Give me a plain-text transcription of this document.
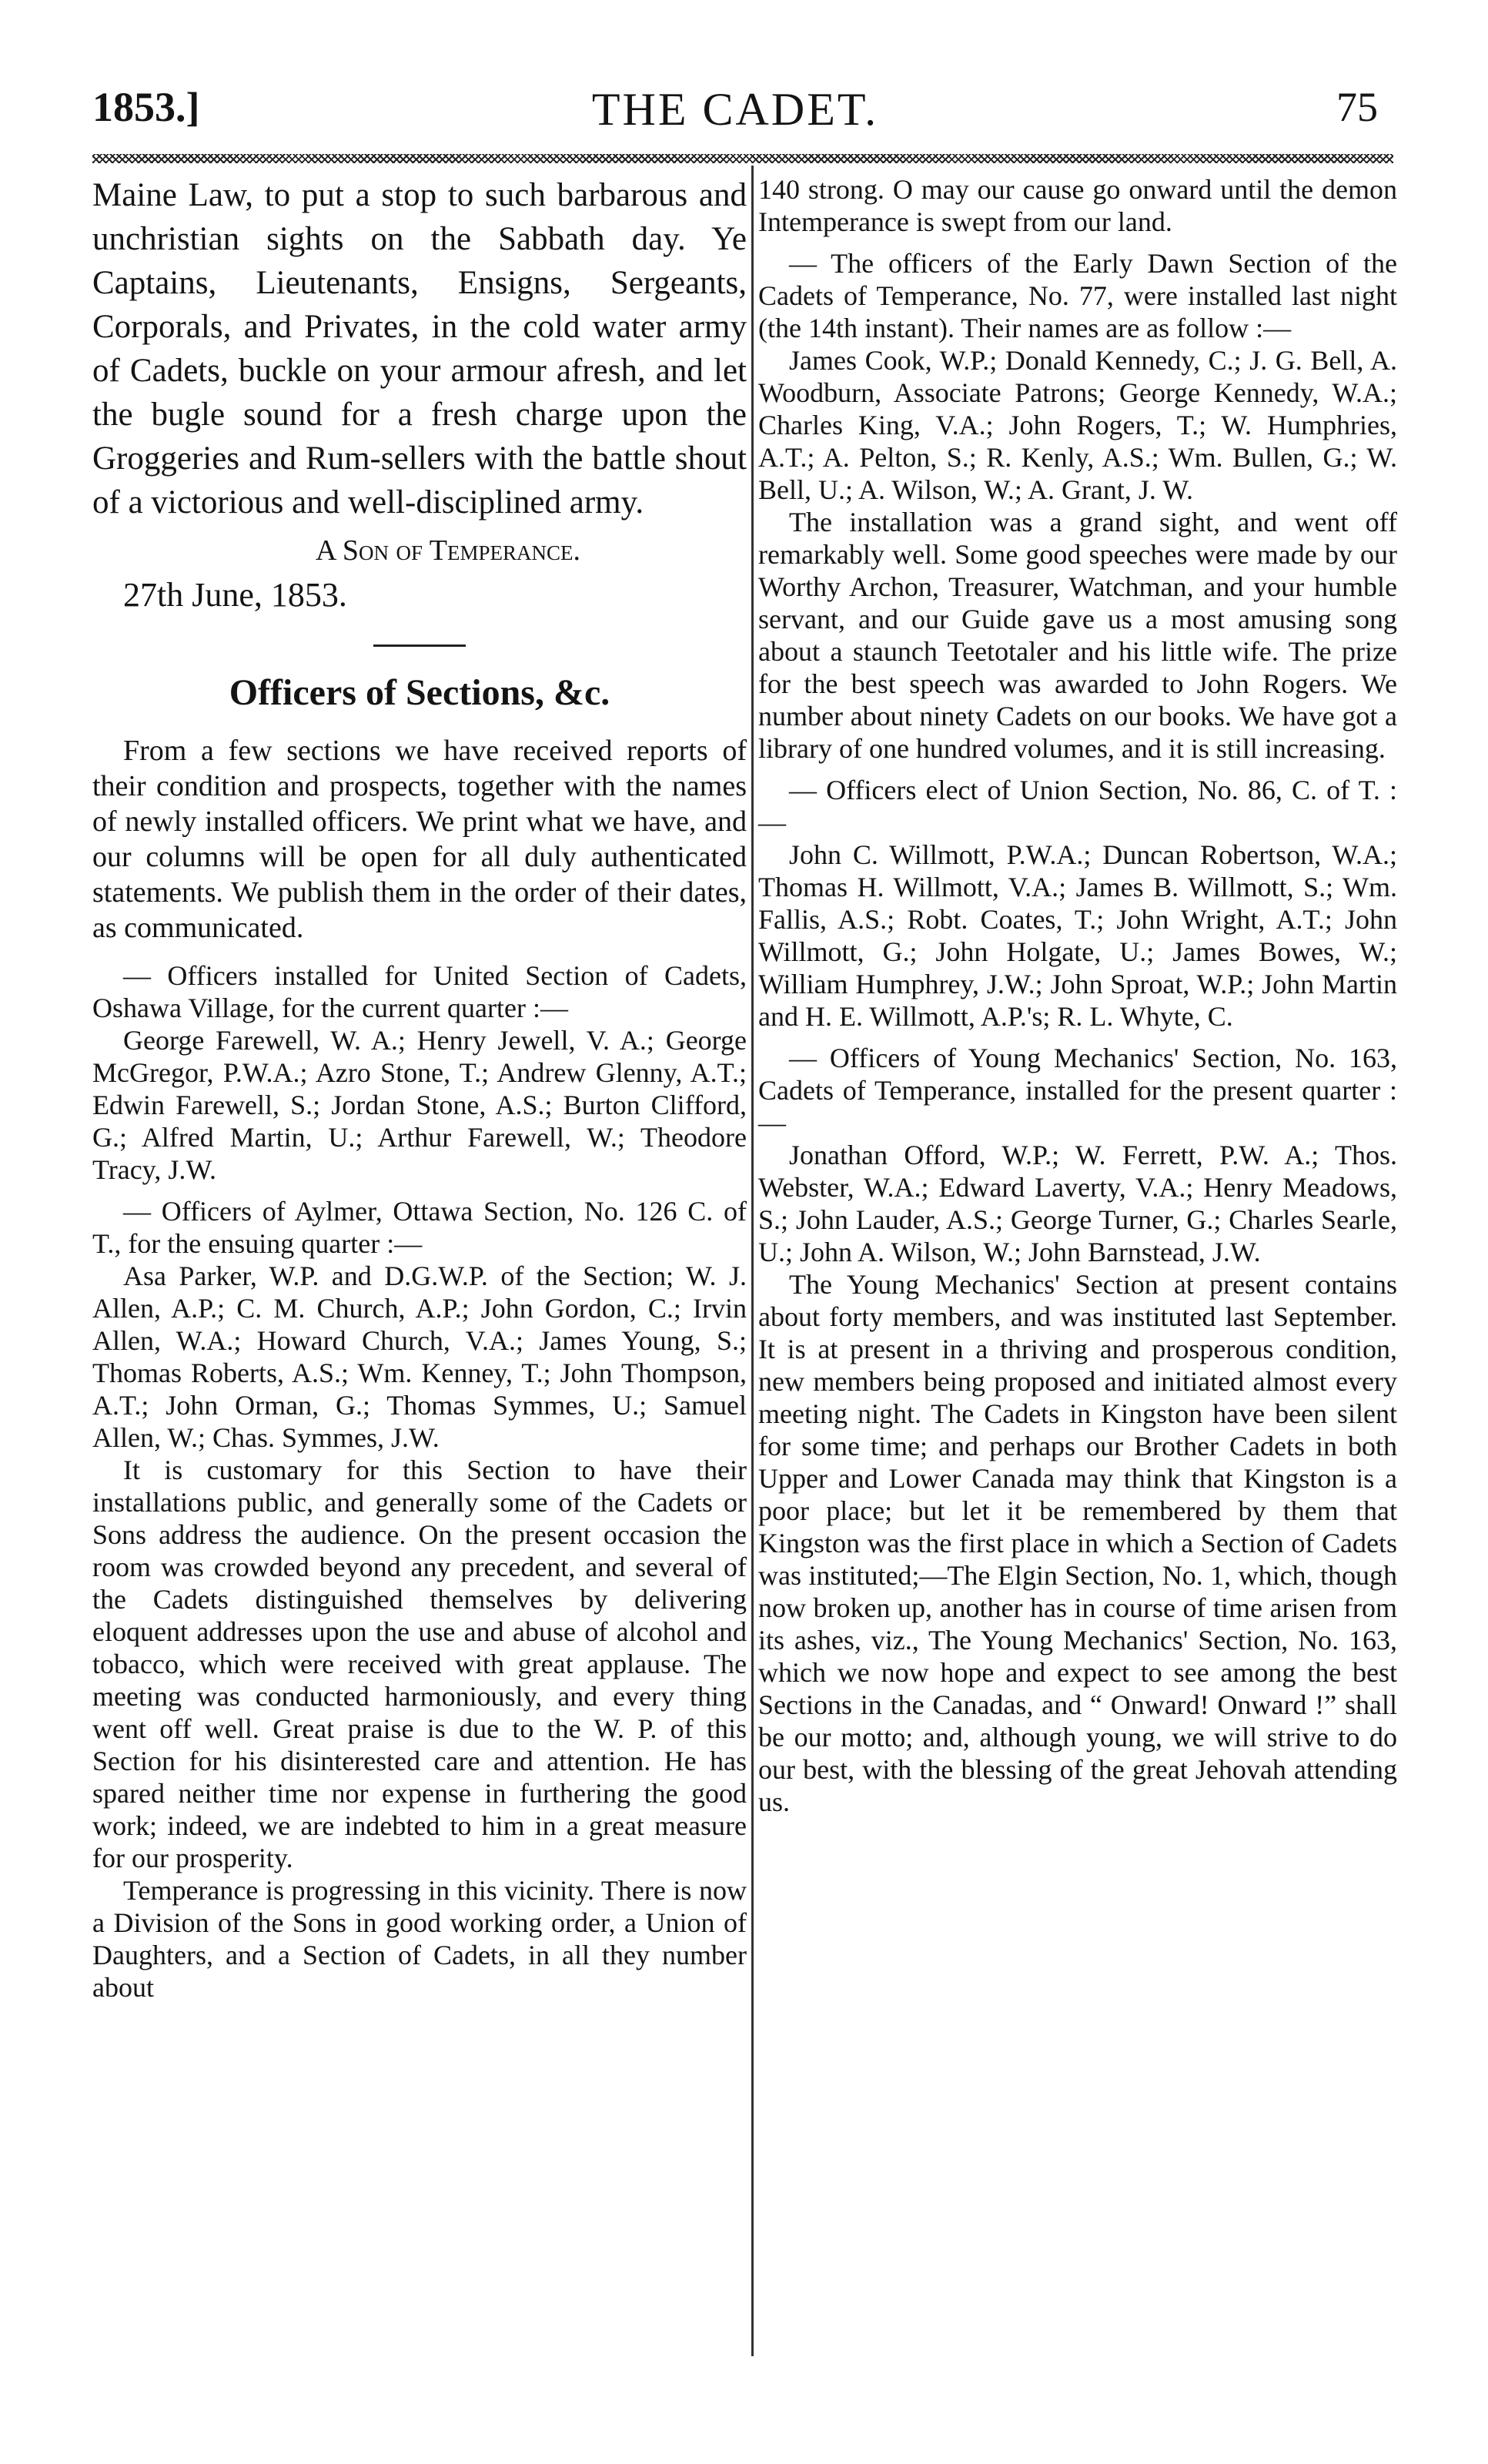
1853.]	THE CADET.	75

Maine Law, to put a stop to such barbarous and unchristian sights on the Sabbath day. Ye Captains, Lieutenants, Ensigns, Sergeants, Corporals, and Privates, in the cold water army of Cadets, buckle on your armour afresh, and let the bugle sound for a fresh charge upon the Groggeries and Rum-sellers with the battle shout of a victorious and well-disciplined army.

A Son of Temperance.
27th June, 1853.
Officers of Sections, &c.

From a few sections we have received reports of their condition and prospects, together with the names of newly installed officers. We print what we have, and our columns will be open for all duly authenticated statements. We publish them in the order of their dates, as communicated.

— Officers installed for United Section of Cadets, Oshawa Village, for the current quarter :—

George Farewell, W. A.; Henry Jewell, V. A.; George McGregor, P.W.A.; Azro Stone, T.; Andrew Glenny, A.T.; Edwin Farewell, S.; Jordan Stone, A.S.; Burton Clifford, G.; Alfred Martin, U.; Arthur Farewell, W.; Theodore Tracy, J.W.

— Officers of Aylmer, Ottawa Section, No. 126 C. of T., for the ensuing quarter :—

Asa Parker, W.P. and D.G.W.P. of the Section; W. J. Allen, A.P.; C. M. Church, A.P.; John Gordon, C.; Irvin Allen, W.A.; Howard Church, V.A.; James Young, S.; Thomas Roberts, A.S.; Wm. Kenney, T.; John Thompson, A.T.; John Orman, G.; Thomas Symmes, U.; Samuel Allen, W.; Chas. Symmes, J.W.

It is customary for this Section to have their installations public, and generally some of the Cadets or Sons address the audience. On the present occasion the room was crowded beyond any precedent, and several of the Cadets distinguished themselves by delivering eloquent addresses upon the use and abuse of alcohol and tobacco, which were received with great applause. The meeting was conducted harmoniously, and every thing went off well. Great praise is due to the W. P. of this Section for his disinterested care and attention. He has spared neither time nor expense in furthering the good work; indeed, we are indebted to him in a great measure for our prosperity.

Temperance is progressing in this vicinity. There is now a Division of the Sons in good working order, a Union of Daughters, and a Section of Cadets, in all they number about

140 strong. O may our cause go onward until the demon Intemperance is swept from our land.

— The officers of the Early Dawn Section of the Cadets of Temperance, No. 77, were installed last night (the 14th instant). Their names are as follow :—

James Cook, W.P.; Donald Kennedy, C.; J. G. Bell, A. Woodburn, Associate Patrons; George Kennedy, W.A.; Charles King, V.A.; John Rogers, T.; W. Humphries, A.T.; A. Pelton, S.; R. Kenly, A.S.; Wm. Bullen, G.; W. Bell, U.; A. Wilson, W.; A. Grant, J. W.

The installation was a grand sight, and went off remarkably well. Some good speeches were made by our Worthy Archon, Treasurer, Watchman, and your humble servant, and our Guide gave us a most amusing song about a staunch Teetotaler and his little wife. The prize for the best speech was awarded to John Rogers. We number about ninety Cadets on our books. We have got a library of one hundred volumes, and it is still increasing.

— Officers elect of Union Section, No. 86, C. of T. :—

John C. Willmott, P.W.A.; Duncan Robertson, W.A.; Thomas H. Willmott, V.A.; James B. Willmott, S.; Wm. Fallis, A.S.; Robt. Coates, T.; John Wright, A.T.; John Willmott, G.; John Holgate, U.; James Bowes, W.; William Humphrey, J.W.; John Sproat, W.P.; John Martin and H. E. Willmott, A.P.'s; R. L. Whyte, C.

— Officers of Young Mechanics' Section, No. 163, Cadets of Temperance, installed for the present quarter :—

Jonathan Offord, W.P.; W. Ferrett, P.W. A.; Thos. Webster, W.A.; Edward Laverty, V.A.; Henry Meadows, S.; John Lauder, A.S.; George Turner, G.; Charles Searle, U.; John A. Wilson, W.; John Barnstead, J.W.

The Young Mechanics' Section at present contains about forty members, and was instituted last September. It is at present in a thriving and prosperous condition, new members being proposed and initiated almost every meeting night. The Cadets in Kingston have been silent for some time; and perhaps our Brother Cadets in both Upper and Lower Canada may think that Kingston is a poor place; but let it be remembered by them that Kingston was the first place in which a Section of Cadets was instituted;—The Elgin Section, No. 1, which, though now broken up, another has in course of time arisen from its ashes, viz., The Young Mechanics' Section, No. 163, which we now hope and expect to see among the best Sections in the Canadas, and “ Onward! Onward !” shall be our motto; and, although young, we will strive to do our best, with the blessing of the great Jehovah attending us.
